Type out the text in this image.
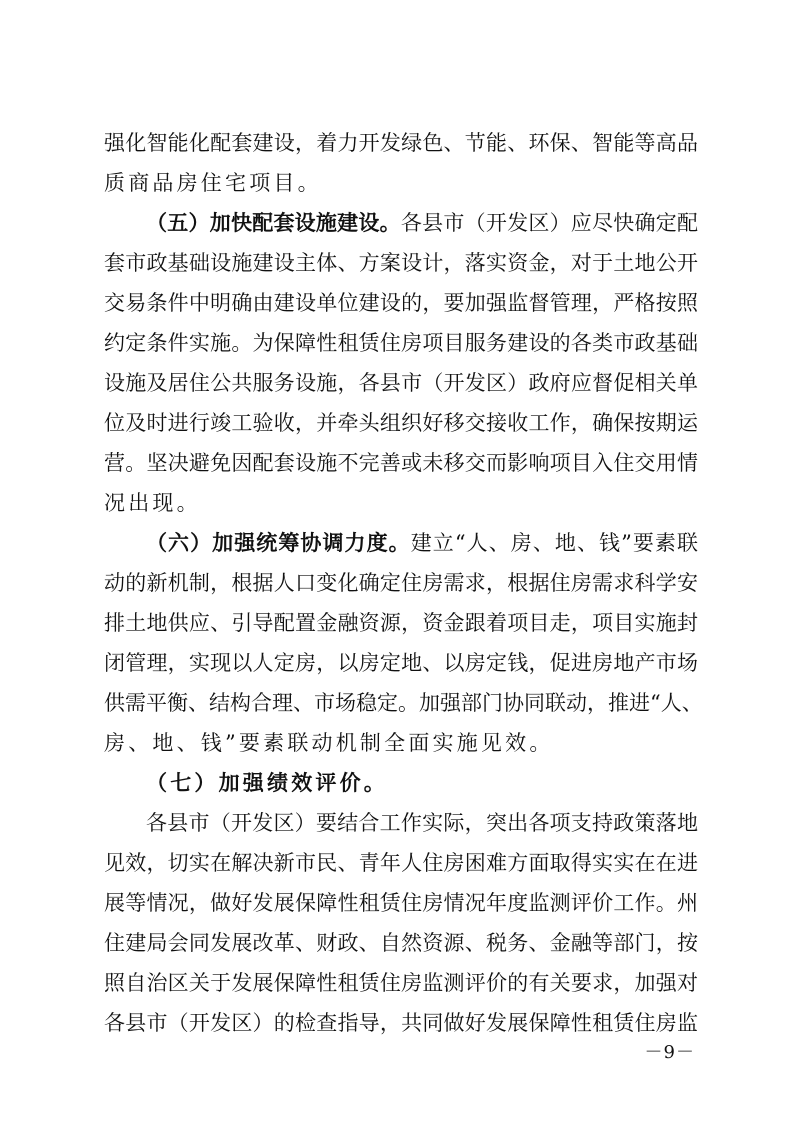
强化智能化配套建设，着力开发绿色、节能、环保、智能等高品
质商品房住宅项目。
（五）加快配套设施建设。各县市（开发区）应尽快确定配
套市政基础设施建设主体、方案设计，落实资金，对于土地公开
交易条件中明确由建设单位建设的，要加强监督管理，严格按照
约定条件实施。为保障性租赁住房项目服务建设的各类市政基础
设施及居住公共服务设施，各县市（开发区）政府应督促相关单
位及时进行竣工验收，并牵头组织好移交接收工作，确保按期运
营。坚决避免因配套设施不完善或未移交而影响项目入住交用情
况出现。
（六）加强统筹协调力度。建立“人、房、地、钱”要素联
动的新机制，根据人口变化确定住房需求，根据住房需求科学安
排土地供应、引导配置金融资源，资金跟着项目走，项目实施封
闭管理，实现以人定房，以房定地、以房定钱，促进房地产市场
供需平衡、结构合理、市场稳定。加强部门协同联动，推进“人、
房、地、钱”要素联动机制全面实施见效。
（七）加强绩效评价。
各县市（开发区）要结合工作实际，突出各项支持政策落地
见效，切实在解决新市民、青年人住房困难方面取得实实在在进
展等情况，做好发展保障性租赁住房情况年度监测评价工作。州
住建局会同发展改革、财政、自然资源、税务、金融等部门，按
照自治区关于发展保障性租赁住房监测评价的有关要求，加强对
－9－
各县市（开发区）的检查指导，共同做好发展保障性租赁住房监
